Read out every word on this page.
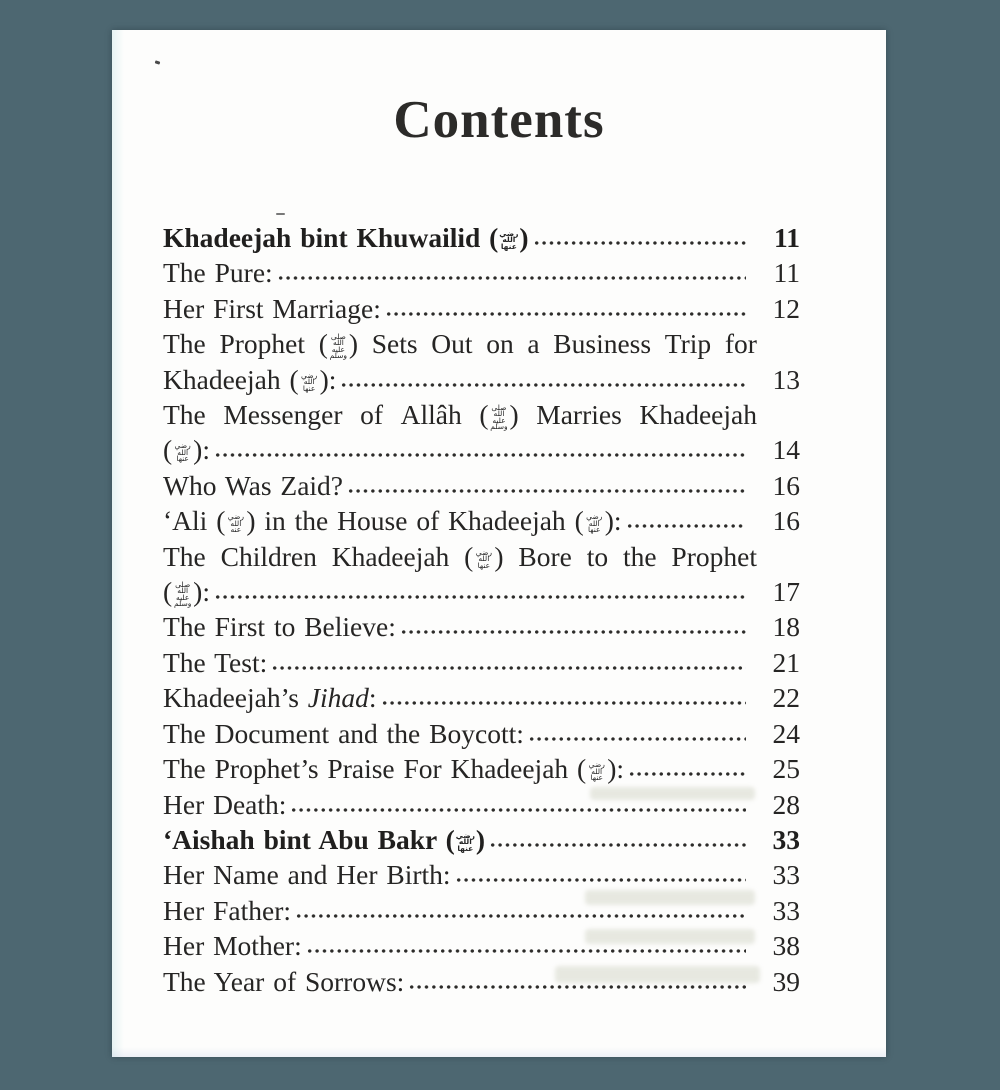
Contents
Khadeejah bint Khuwailid (رضي الله عنها)	11
The Pure:	11
Her First Marriage:	12
The Prophet ( صلى الله عليه وسلم) Sets Out on a Business Trip for
Khadeejah ( رضي الله عنها ):	13
The Messenger of Allâh ( صلى الله عليه وسلم) Marries Khadeejah
( رضي الله عنها ):	14
Who Was Zaid?	16
‘Ali ( رضي الله عنه ) in the House of Khadeejah ( رضي الله عنها ):	16
The Children Khadeejah ( رضي الله عنها ) Bore to the Prophet
( صلى الله عليه وسلم):	17
The First to Believe:	18
The Test:	21
Khadeejah’s Jihad:	22
The Document and the Boycott:	24
The Prophet’s Praise For Khadeejah ( رضي الله عنها ):	25
Her Death:	28
‘Aishah bint Abu Bakr (رضي الله عنها)	33
Her Name and Her Birth:	33
Her Father:	33
Her Mother:	38
The Year of Sorrows:	39
